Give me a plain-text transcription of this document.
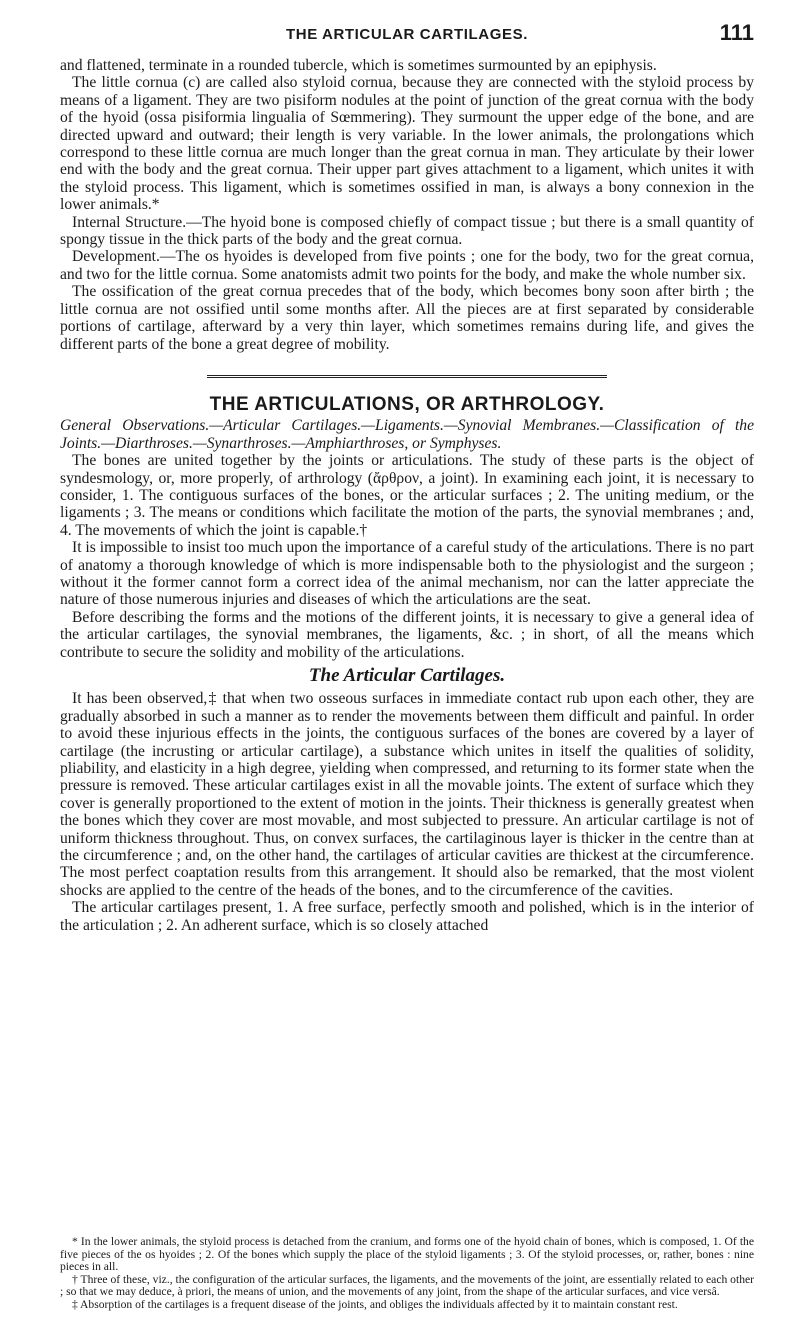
THE ARTICULAR CARTILAGES.	111

and flattened, terminate in a rounded tubercle, which is sometimes surmounted by an epiphysis.

The little cornua (c) are called also styloid cornua, because they are connected with the styloid process by means of a ligament. They are two pisiform nodules at the point of junction of the great cornua with the body of the hyoid (ossa pisiformia lingualia of Sœmmering). They surmount the upper edge of the bone, and are directed upward and outward; their length is very variable. In the lower animals, the prolongations which correspond to these little cornua are much longer than the great cornua in man. They articulate by their lower end with the body and the great cornua. Their upper part gives attachment to a ligament, which unites it with the styloid process. This ligament, which is sometimes ossified in man, is always a bony connexion in the lower animals.*

Internal Structure.—The hyoid bone is composed chiefly of compact tissue ; but there is a small quantity of spongy tissue in the thick parts of the body and the great cornua.

Development.—The os hyoides is developed from five points ; one for the body, two for the great cornua, and two for the little cornua. Some anatomists admit two points for the body, and make the whole number six.

The ossification of the great cornua precedes that of the body, which becomes bony soon after birth ; the little cornua are not ossified until some months after. All the pieces are at first separated by considerable portions of cartilage, afterward by a very thin layer, which sometimes remains during life, and gives the different parts of the bone a great degree of mobility.

THE ARTICULATIONS, OR ARTHROLOGY.

General Observations.—Articular Cartilages.—Ligaments.—Synovial Membranes.—Classification of the Joints.—Diarthroses.—Synarthroses.—Amphiarthroses, or Symphyses.

The bones are united together by the joints or articulations. The study of these parts is the object of syndesmology, or, more properly, of arthrology (ἄρθρον, a joint). In examining each joint, it is necessary to consider, 1. The contiguous surfaces of the bones, or the articular surfaces ; 2. The uniting medium, or the ligaments ; 3. The means or conditions which facilitate the motion of the parts, the synovial membranes ; and, 4. The movements of which the joint is capable.†

It is impossible to insist too much upon the importance of a careful study of the articulations. There is no part of anatomy a thorough knowledge of which is more indispensable both to the physiologist and the surgeon ; without it the former cannot form a correct idea of the animal mechanism, nor can the latter appreciate the nature of those numerous injuries and diseases of which the articulations are the seat.

Before describing the forms and the motions of the different joints, it is necessary to give a general idea of the articular cartilages, the synovial membranes, the ligaments, &c. ; in short, of all the means which contribute to secure the solidity and mobility of the articulations.

The Articular Cartilages.

It has been observed,‡ that when two osseous surfaces in immediate contact rub upon each other, they are gradually absorbed in such a manner as to render the movements between them difficult and painful. In order to avoid these injurious effects in the joints, the contiguous surfaces of the bones are covered by a layer of cartilage (the incrusting or articular cartilage), a substance which unites in itself the qualities of solidity, pliability, and elasticity in a high degree, yielding when compressed, and returning to its former state when the pressure is removed. These articular cartilages exist in all the movable joints. The extent of surface which they cover is generally proportioned to the extent of motion in the joints. Their thickness is generally greatest when the bones which they cover are most movable, and most subjected to pressure. An articular cartilage is not of uniform thickness throughout. Thus, on convex surfaces, the cartilaginous layer is thicker in the centre than at the circumference ; and, on the other hand, the cartilages of articular cavities are thickest at the circumference. The most perfect coaptation results from this arrangement. It should also be remarked, that the most violent shocks are applied to the centre of the heads of the bones, and to the circumference of the cavities.

The articular cartilages present, 1. A free surface, perfectly smooth and polished, which is in the interior of the articulation ; 2. An adherent surface, which is so closely attached

* In the lower animals, the styloid process is detached from the cranium, and forms one of the hyoid chain of bones, which is composed, 1. Of the five pieces of the os hyoides ; 2. Of the bones which supply the place of the styloid ligaments ; 3. Of the styloid processes, or, rather, bones : nine pieces in all.

† Three of these, viz., the configuration of the articular surfaces, the ligaments, and the movements of the joint, are essentially related to each other ; so that we may deduce, à priori, the means of union, and the movements of any joint, from the shape of the articular surfaces, and vice versâ.

‡ Absorption of the cartilages is a frequent disease of the joints, and obliges the individuals affected by it to maintain constant rest.
